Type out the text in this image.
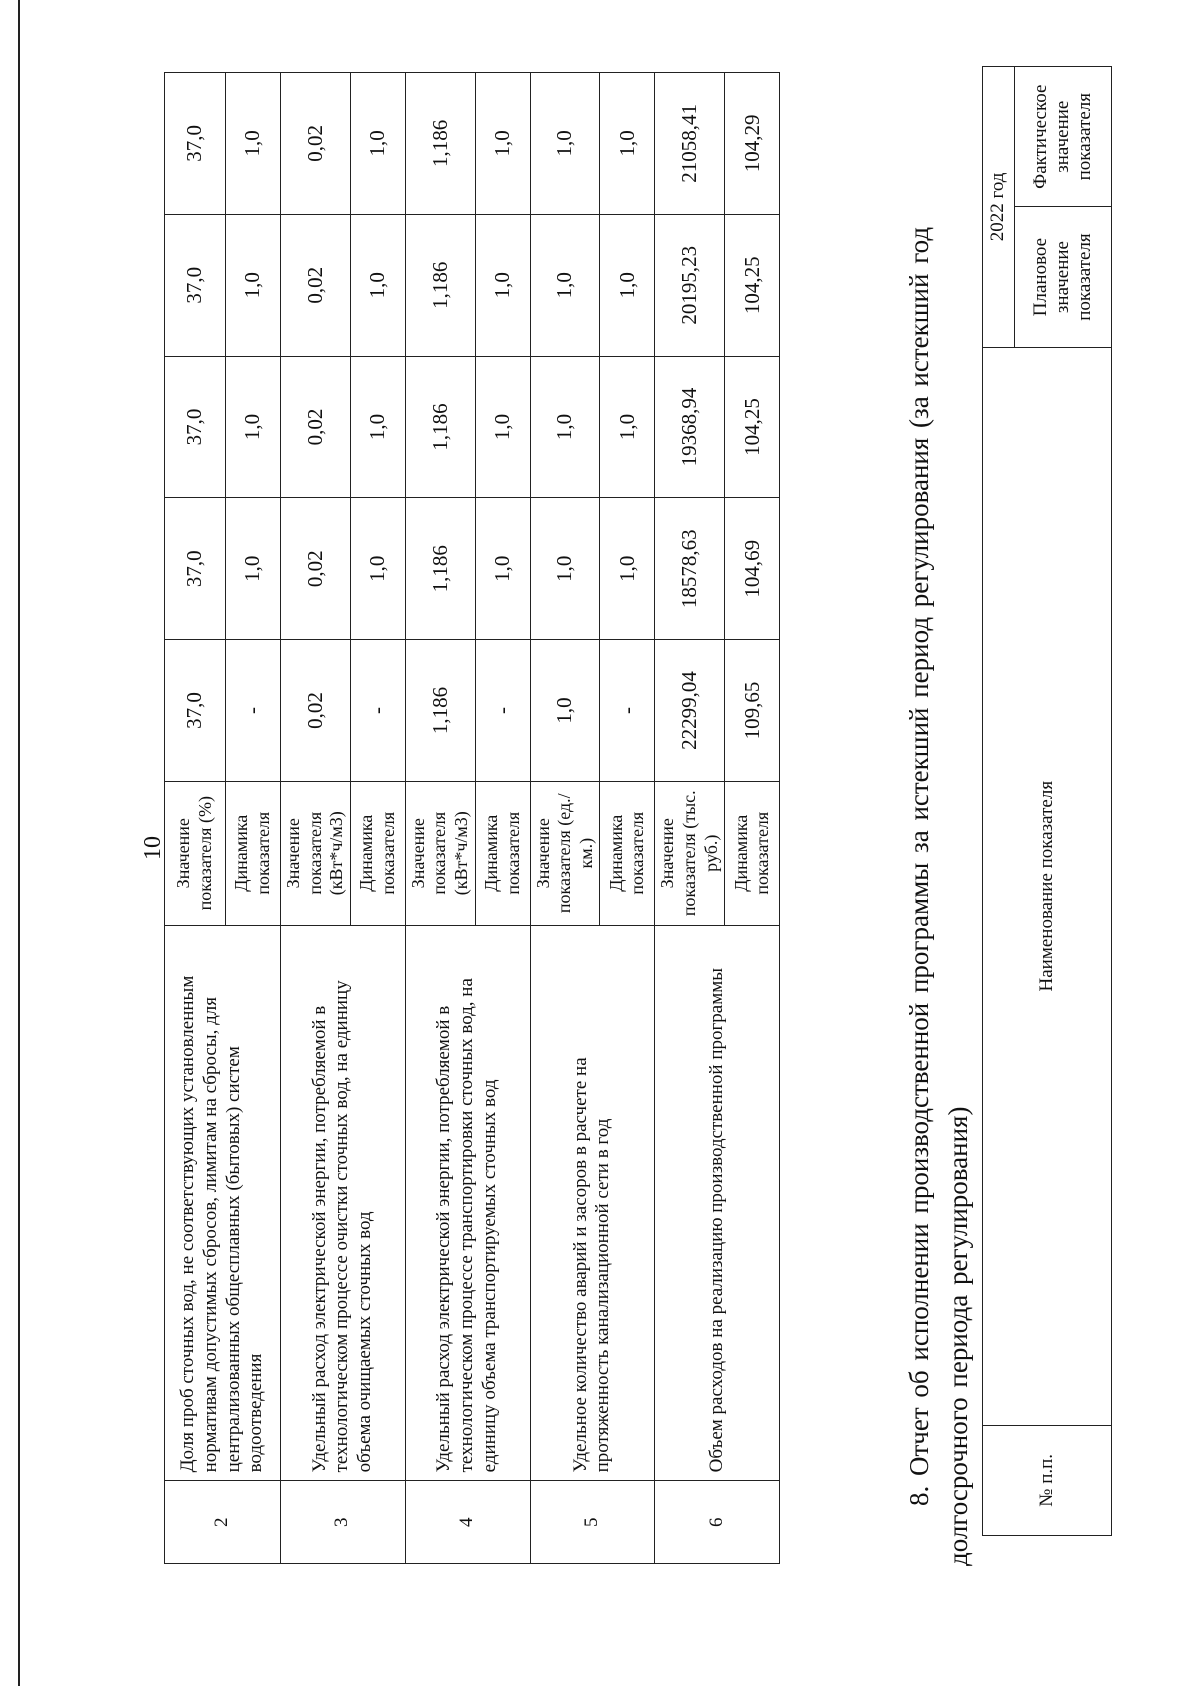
10
2	Доля проб сточных вод, не соответствующих установленным нормативам допустимых сбросов, лимитам на сбросы, для централизованных общесплавных (бытовых) систем водоотведения	Значение показателя (%)	37,0	37,0	37,0	37,0	37,0
		Динамика показателя	-	1,0	1,0	1,0	1,0
3	Удельный расход электрической энергии, потребляемой в технологическом процессе очистки сточных вод, на единицу объема очищаемых сточных вод	Значение показателя (кВт*ч/м3)	0,02	0,02	0,02	0,02	0,02
		Динамика показателя	-	1,0	1,0	1,0	1,0
4	Удельный расход электрической энергии, потребляемой в технологическом процессе транспортировки сточных вод, на единицу объема транспортируемых сточных вод	Значение показателя (кВт*ч/м3)	1,186	1,186	1,186	1,186	1,186
		Динамика показателя	-	1,0	1,0	1,0	1,0
5	Удельное количество аварий и засоров в расчете на протяженность канализационной сети в год	Значение показателя (ед./км.)	1,0	1,0	1,0	1,0	1,0
		Динамика показателя	-	1,0	1,0	1,0	1,0
6	Объем расходов на реализацию производственной программы	Значение показателя (тыс. руб.)	22299,04	18578,63	19368,94	20195,23	21058,41
		Динамика показателя	109,65	104,69	104,25	104,25	104,29
8. Отчет об исполнении производственной программы за истекший период регулирования (за истекший год долгосрочного периода регулирования)	№ п.п.	Наименование показателя	2022 год	
		Плановое значение показателя	Фактическое значение показателя
